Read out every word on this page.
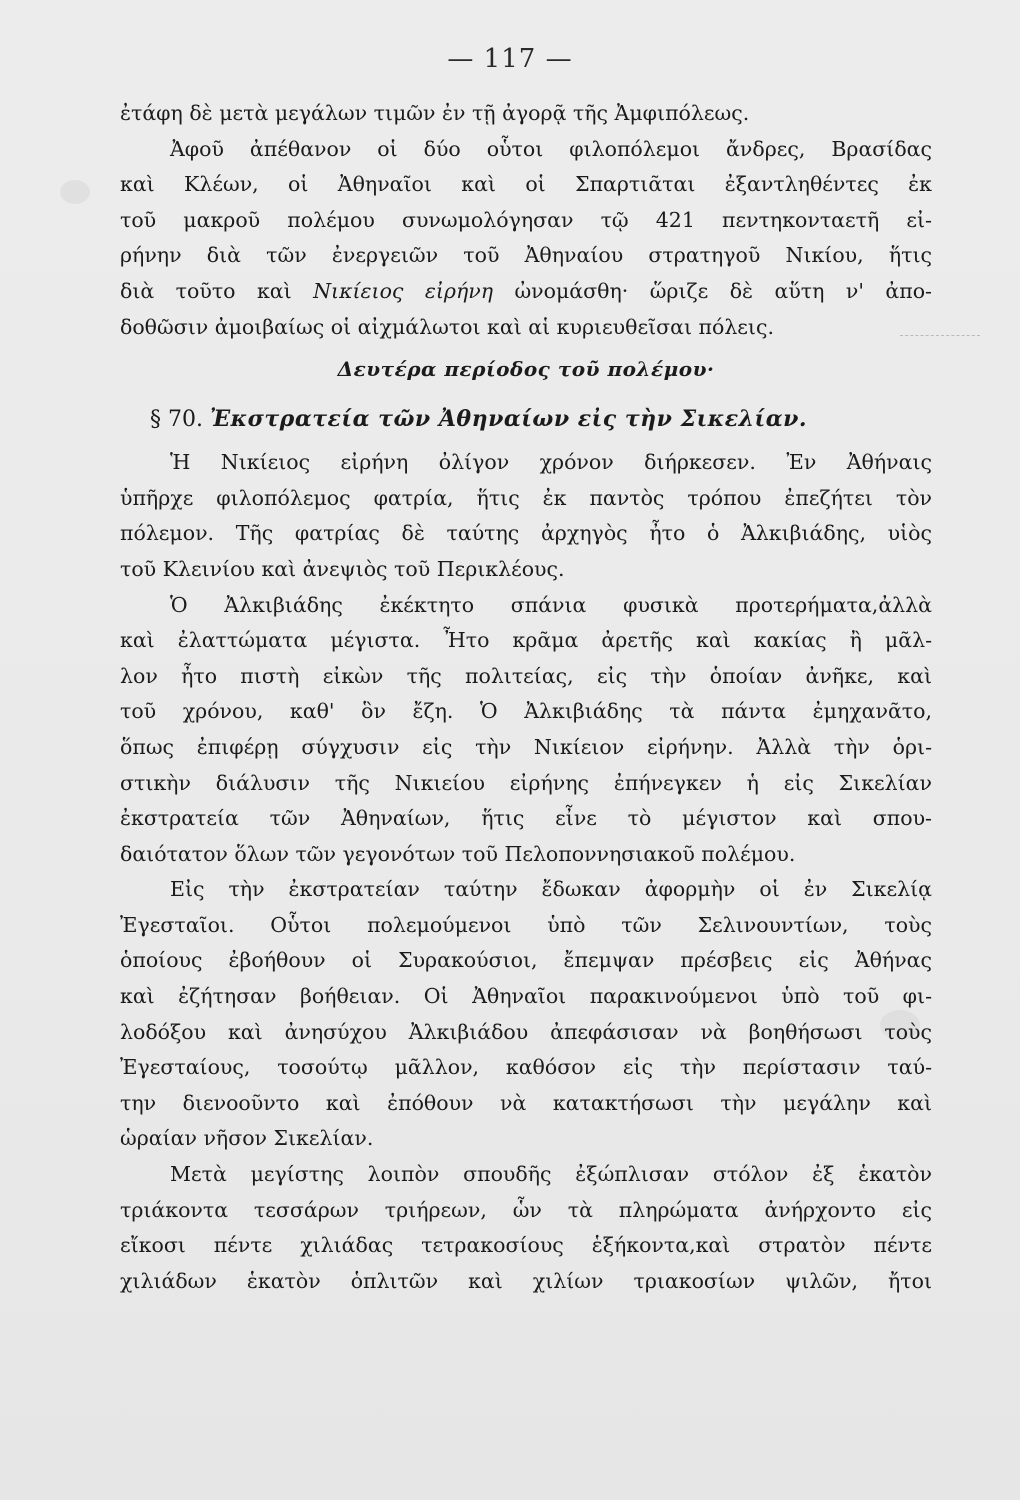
— 117 —
ἐτάφη δὲ μετὰ μεγάλων τιμῶν ἐν τῇ ἀγορᾷ τῆς Ἀμφιπόλεως.
Ἀφοῦ ἀπέθανον οἱ δύο οὗτοι φιλοπόλεμοι ἄνδρες, Βρασίδας
καὶ Κλέων, οἱ Ἀθηναῖοι καὶ οἱ Σπαρτιᾶται ἐξαντληθέντες ἐκ
τοῦ μακροῦ πολέμου συνωμολόγησαν τῷ 421 πεντηκονταετῆ εἰ-
ρήνην διὰ τῶν ἐνεργειῶν τοῦ Ἀθηναίου στρατηγοῦ Νικίου, ἥτις
διὰ τοῦτο καὶ Νικίειος εἰρήνη ὠνομάσθη· ὥριζε δὲ αὕτη ν' ἀπο-
δοθῶσιν ἀμοιβαίως οἱ αἰχμάλωτοι καὶ αἱ κυριευθεῖσαι πόλεις.
Δευτέρα περίοδος τοῦ πολέμου·
§ 70. Ἐκστρατεία τῶν Ἀθηναίων εἰς τὴν Σικελίαν.
Ἡ Νικίειος εἰρήνη ὀλίγον χρόνον διήρκεσεν. Ἐν Ἀθήναις
ὑπῆρχε φιλοπόλεμος φατρία, ἥτις ἐκ παντὸς τρόπου ἐπεζήτει τὸν
πόλεμον. Τῆς φατρίας δὲ ταύτης ἀρχηγὸς ἦτο ὁ Ἀλκιβιάδης, υἱὸς
τοῦ Κλεινίου καὶ ἀνεψιὸς τοῦ Περικλέους.
Ὁ Ἀλκιβιάδης ἐκέκτητο σπάνια φυσικὰ προτερήματα,ἀλλὰ
καὶ ἐλαττώματα μέγιστα. Ἦτο κρᾶμα ἀρετῆς καὶ κακίας ἢ μᾶλ-
λον ἦτο πιστὴ εἰκὼν τῆς πολιτείας, εἰς τὴν ὁποίαν ἀνῆκε, καὶ
τοῦ χρόνου, καθ' ὃν ἔζη. Ὁ Ἀλκιβιάδης τὰ πάντα ἐμηχανᾶτο,
ὅπως ἐπιφέρῃ σύγχυσιν εἰς τὴν Νικίειον εἰρήνην. Ἀλλὰ τὴν ὁρι-
στικὴν διάλυσιν τῆς Νικιείου εἰρήνης ἐπήνεγκεν ἡ εἰς Σικελίαν
ἐκστρατεία τῶν Ἀθηναίων, ἥτις εἶνε τὸ μέγιστον καὶ σπου-
δαιότατον ὅλων τῶν γεγονότων τοῦ Πελοποννησιακοῦ πολέμου.
Εἰς τὴν ἐκστρατείαν ταύτην ἔδωκαν ἀφορμὴν οἱ ἐν Σικελίᾳ
Ἐγεσταῖοι. Οὗτοι πολεμούμενοι ὑπὸ τῶν Σελινουντίων, τοὺς
ὁποίους ἐβοήθουν οἱ Συρακούσιοι, ἔπεμψαν πρέσβεις εἰς Ἀθήνας
καὶ ἐζήτησαν βοήθειαν. Οἱ Ἀθηναῖοι παρακινούμενοι ὑπὸ τοῦ φι-
λοδόξου καὶ ἀνησύχου Ἀλκιβιάδου ἀπεφάσισαν νὰ βοηθήσωσι τοὺς
Ἐγεσταίους, τοσούτῳ μᾶλλον, καθόσον εἰς τὴν περίστασιν ταύ-
την διενοοῦντο καὶ ἐπόθουν νὰ κατακτήσωσι τὴν μεγάλην καὶ
ὡραίαν νῆσον Σικελίαν.
Μετὰ μεγίστης λοιπὸν σπουδῆς ἐξώπλισαν στόλον ἐξ ἑκατὸν
τριάκοντα τεσσάρων τριήρεων, ὧν τὰ πληρώματα ἀνήρχοντο εἰς
εἴκοσι πέντε χιλιάδας τετρακοσίους ἑξήκοντα,καὶ στρατὸν πέντε
χιλιάδων ἑκατὸν ὁπλιτῶν καὶ χιλίων τριακοσίων ψιλῶν, ἤτοι
